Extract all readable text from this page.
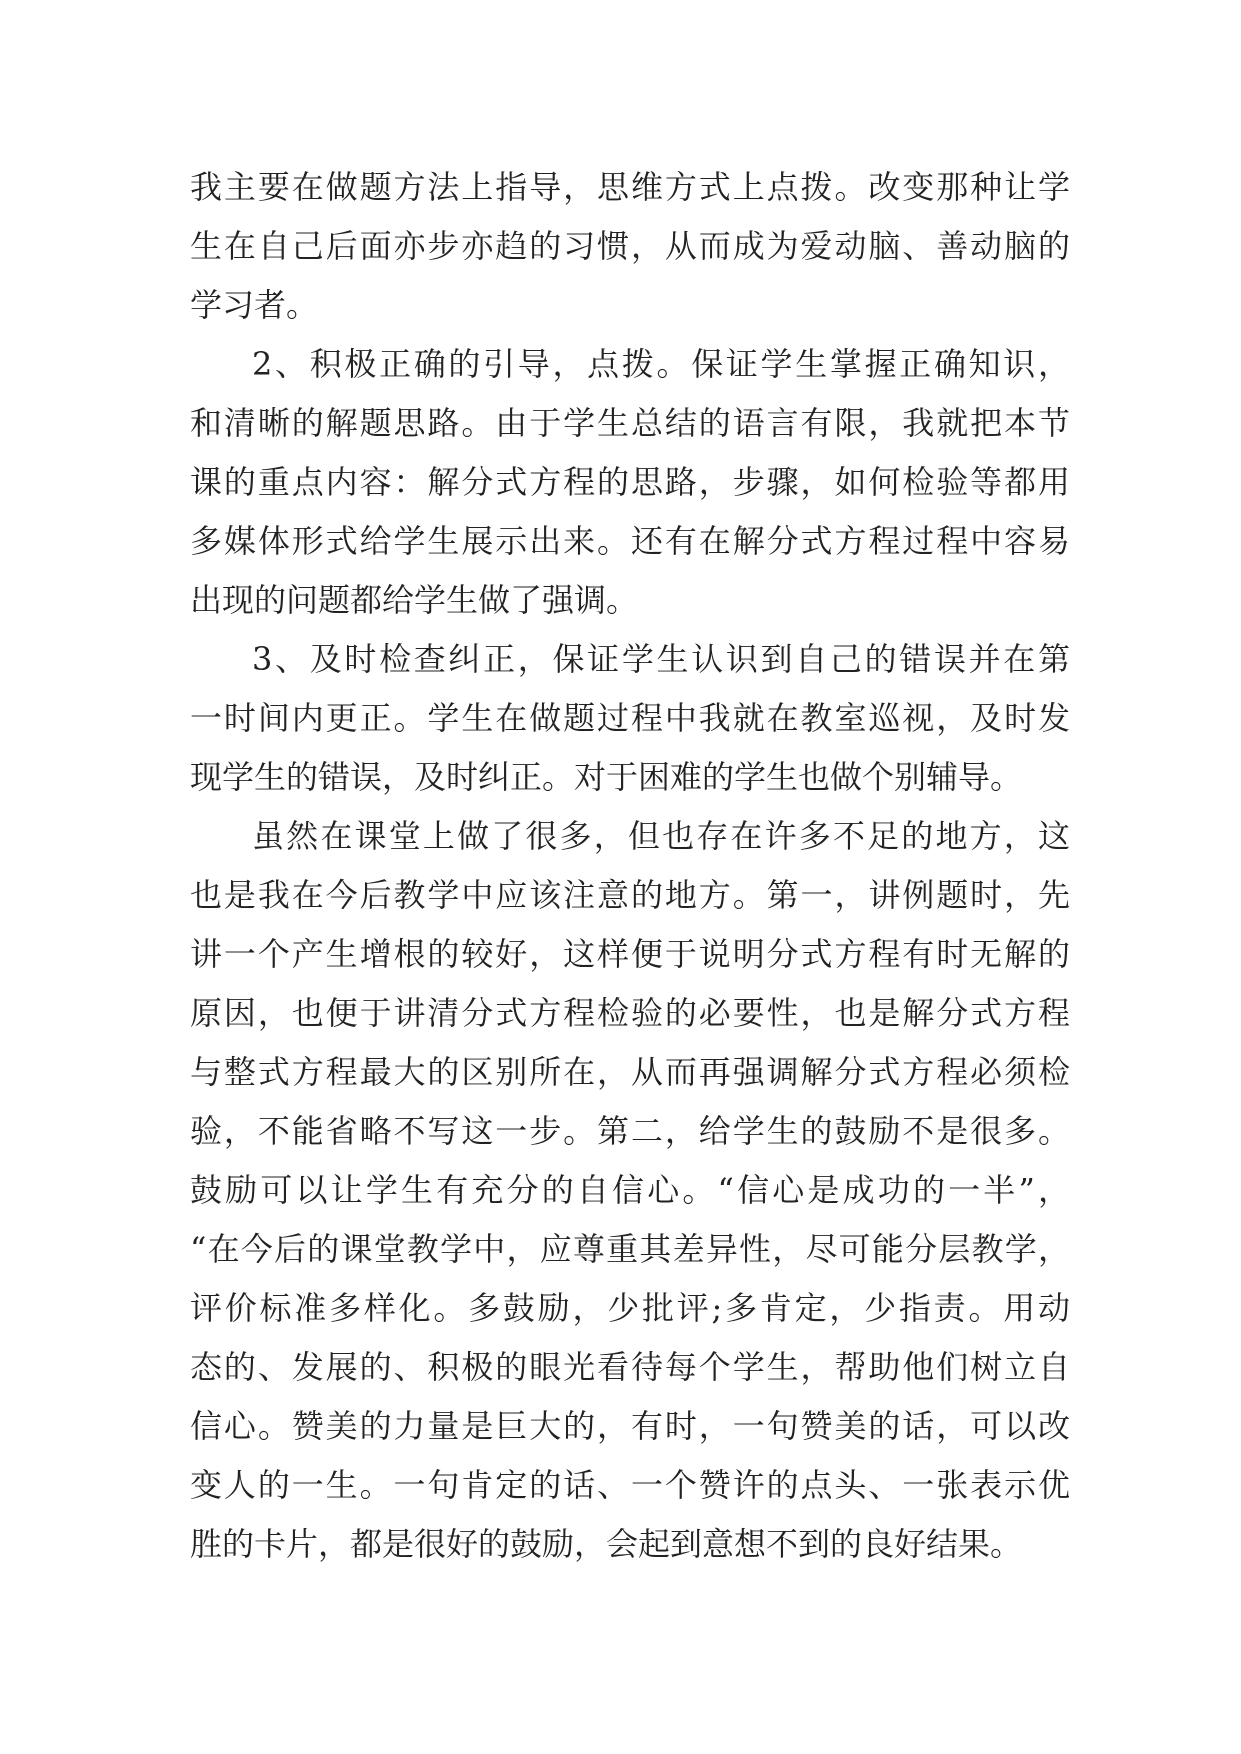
我主要在做题方法上指导，思维方式上点拨。改变那种让学
生在自己后面亦步亦趋的习惯，从而成为爱动脑、善动脑的
学习者。
2、积极正确的引导，点拨。保证学生掌握正确知识，
和清晰的解题思路。由于学生总结的语言有限，我就把本节
课的重点内容：解分式方程的思路，步骤，如何检验等都用
多媒体形式给学生展示出来。还有在解分式方程过程中容易
出现的问题都给学生做了强调。
3、及时检查纠正，保证学生认识到自己的错误并在第
一时间内更正。学生在做题过程中我就在教室巡视，及时发
现学生的错误，及时纠正。对于困难的学生也做个别辅导。
虽然在课堂上做了很多，但也存在许多不足的地方，这
也是我在今后教学中应该注意的地方。第一，讲例题时，先
讲一个产生增根的较好，这样便于说明分式方程有时无解的
原因，也便于讲清分式方程检验的必要性，也是解分式方程
与整式方程最大的区别所在，从而再强调解分式方程必须检
验，不能省略不写这一步。第二，给学生的鼓励不是很多。
鼓励可以让学生有充分的自信心。“信心是成功的一半”，
“在今后的课堂教学中，应尊重其差异性，尽可能分层教学，
评价标准多样化。多鼓励，少批评;多肯定，少指责。用动
态的、发展的、积极的眼光看待每个学生，帮助他们树立自
信心。赞美的力量是巨大的，有时，一句赞美的话，可以改
变人的一生。一句肯定的话、一个赞许的点头、一张表示优
胜的卡片，都是很好的鼓励，会起到意想不到的良好结果。
